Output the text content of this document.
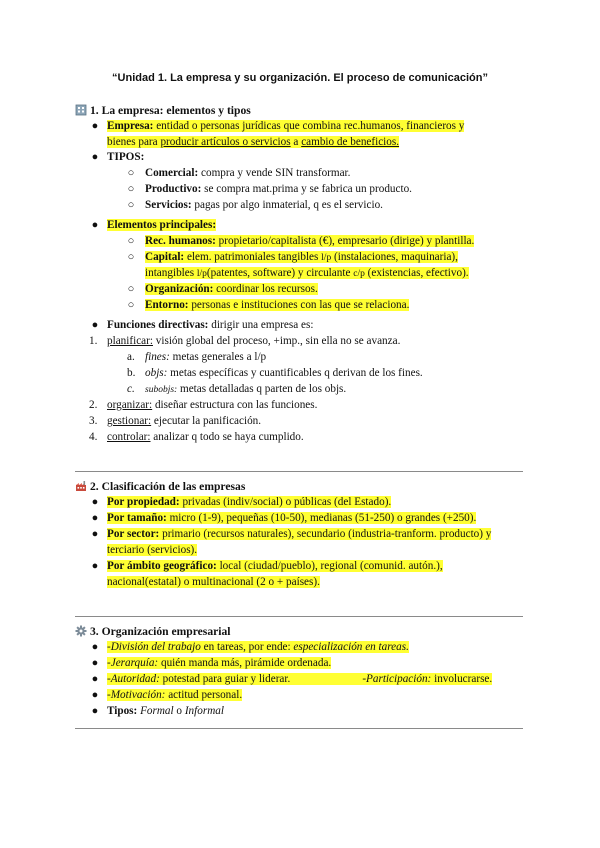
“Unidad 1. La empresa y su organización. El proceso de comunicación”
1. La empresa: elementos y tipos
● Empresa: entidad o personas jurídicas que combina rec.humanos, financieros y
bienes para producir artículos o servicios a cambio de beneficios.
● TIPOS:
○ Comercial: compra y vende SIN transformar.
○ Productivo: se compra mat.prima y se fabrica un producto.
○ Servicios: pagas por algo inmaterial, q es el servicio.
● Elementos principales:
○ Rec. humanos: propietario/capitalista (€), empresario (dirige) y plantilla.
○ Capital: elem. patrimoniales tangibles l/p (instalaciones, maquinaria),
intangibles l/p(patentes, software) y circulante c/p (existencias, efectivo).
○ Organización: coordinar los recursos.
○ Entorno: personas e instituciones con las que se relaciona.
● Funciones directivas: dirigir una empresa es:
1. planificar: visión global del proceso, +imp., sin ella no se avanza.
a. fines: metas generales a l/p
b. objs: metas específicas y cuantificables q derivan de los fines.
c. subobjs: metas detalladas q parten de los objs.
2. organizar: diseñar estructura con las funciones.
3. gestionar: ejecutar la panificación.
4. controlar: analizar q todo se haya cumplido.
2. Clasificación de las empresas
● Por propiedad: privadas (indiv/social) o públicas (del Estado).
● Por tamaño: micro (1-9), pequeñas (10-50), medianas (51-250) o grandes (+250).
● Por sector: primario (recursos naturales), secundario (industria-tranform. producto) y
terciario (servicios).
● Por ámbito geográfico: local (ciudad/pueblo), regional (comunid. autón.),
nacional(estatal) o multinacional (2 o + países).
3. Organización empresarial
● -División del trabajo en tareas, por ende: especialización en tareas.
● -Jerarquía: quién manda más, pirámide ordenada.
● -Autoridad: potestad para guiar y liderar.	-Participación: involucrarse.
● -Motivación: actitud personal.
● Tipos: Formal o Informal
